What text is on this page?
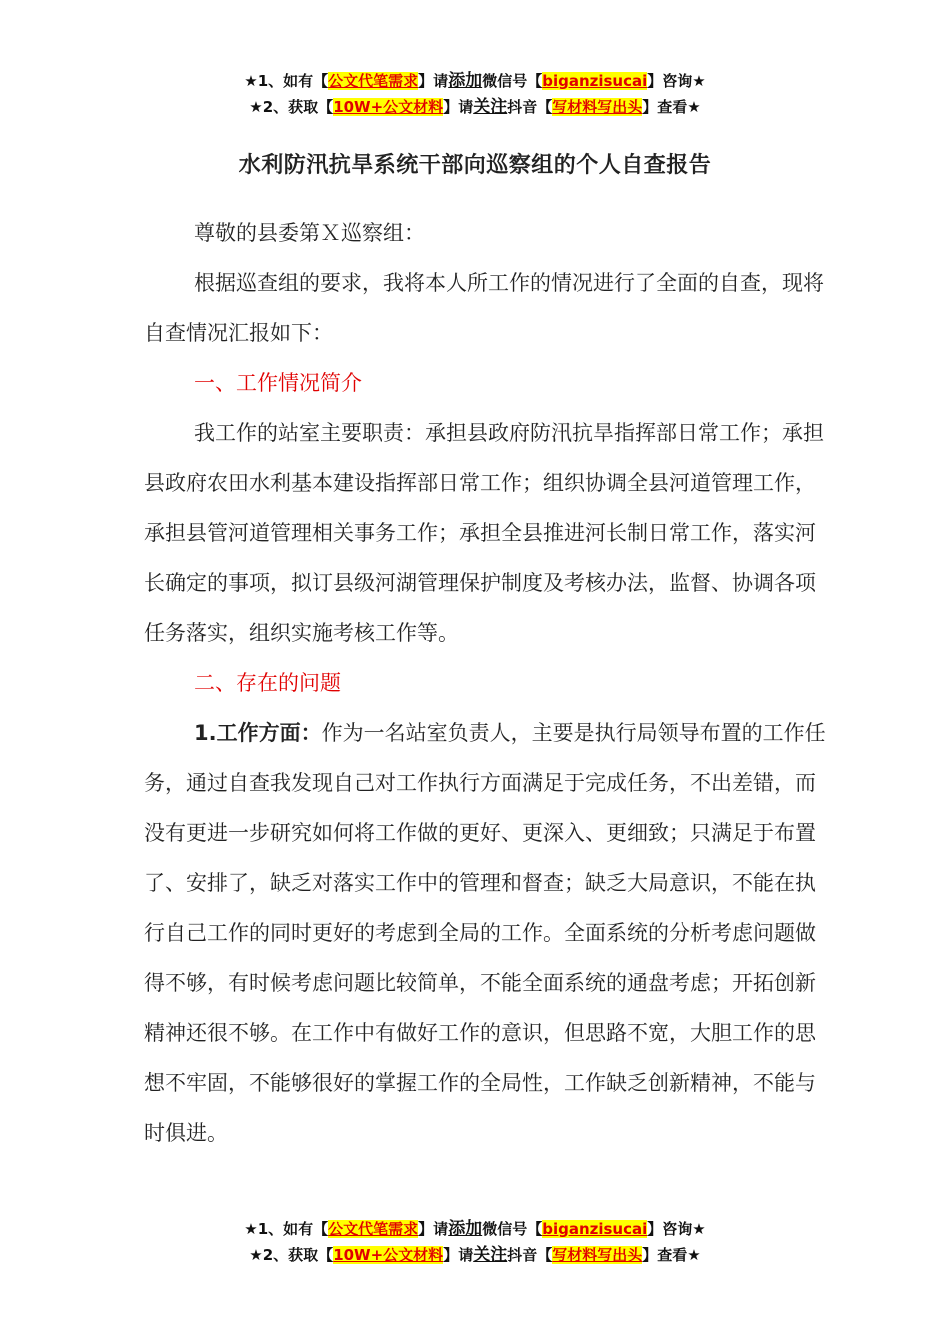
★1、如有【公文代笔需求】请添加微信号【biganzisucai】咨询★
★2、获取【10W+公文材料】请关注抖音【写材料写出头】查看★
水利防汛抗旱系统干部向巡察组的个人自查报告

尊敬的县委第Ｘ巡察组：

根据巡查组的要求，我将本人所工作的情况进行了全面的自查，现将自查情况汇报如下：

一、工作情况简介

我工作的站室主要职责：承担县政府防汛抗旱指挥部日常工作；承担县政府农田水利基本建设指挥部日常工作；组织协调全县河道管理工作，承担县管河道管理相关事务工作；承担全县推进河长制日常工作，落实河长确定的事项，拟订县级河湖管理保护制度及考核办法，监督、协调各项任务落实，组织实施考核工作等。

二、存在的问题

1.工作方面：作为一名站室负责人，主要是执行局领导布置的工作任务，通过自查我发现自己对工作执行方面满足于完成任务，不出差错，而没有更进一步研究如何将工作做的更好、更深入、更细致；只满足于布置了、安排了，缺乏对落实工作中的管理和督查；缺乏大局意识，不能在执行自己工作的同时更好的考虑到全局的工作。全面系统的分析考虑问题做得不够，有时候考虑问题比较简单，不能全面系统的通盘考虑；开拓创新精神还很不够。在工作中有做好工作的意识，但思路不宽，大胆工作的思想不牢固，不能够很好的掌握工作的全局性，工作缺乏创新精神，不能与时俱进。

★1、如有【公文代笔需求】请添加微信号【biganzisucai】咨询★
★2、获取【10W+公文材料】请关注抖音【写材料写出头】查看★
